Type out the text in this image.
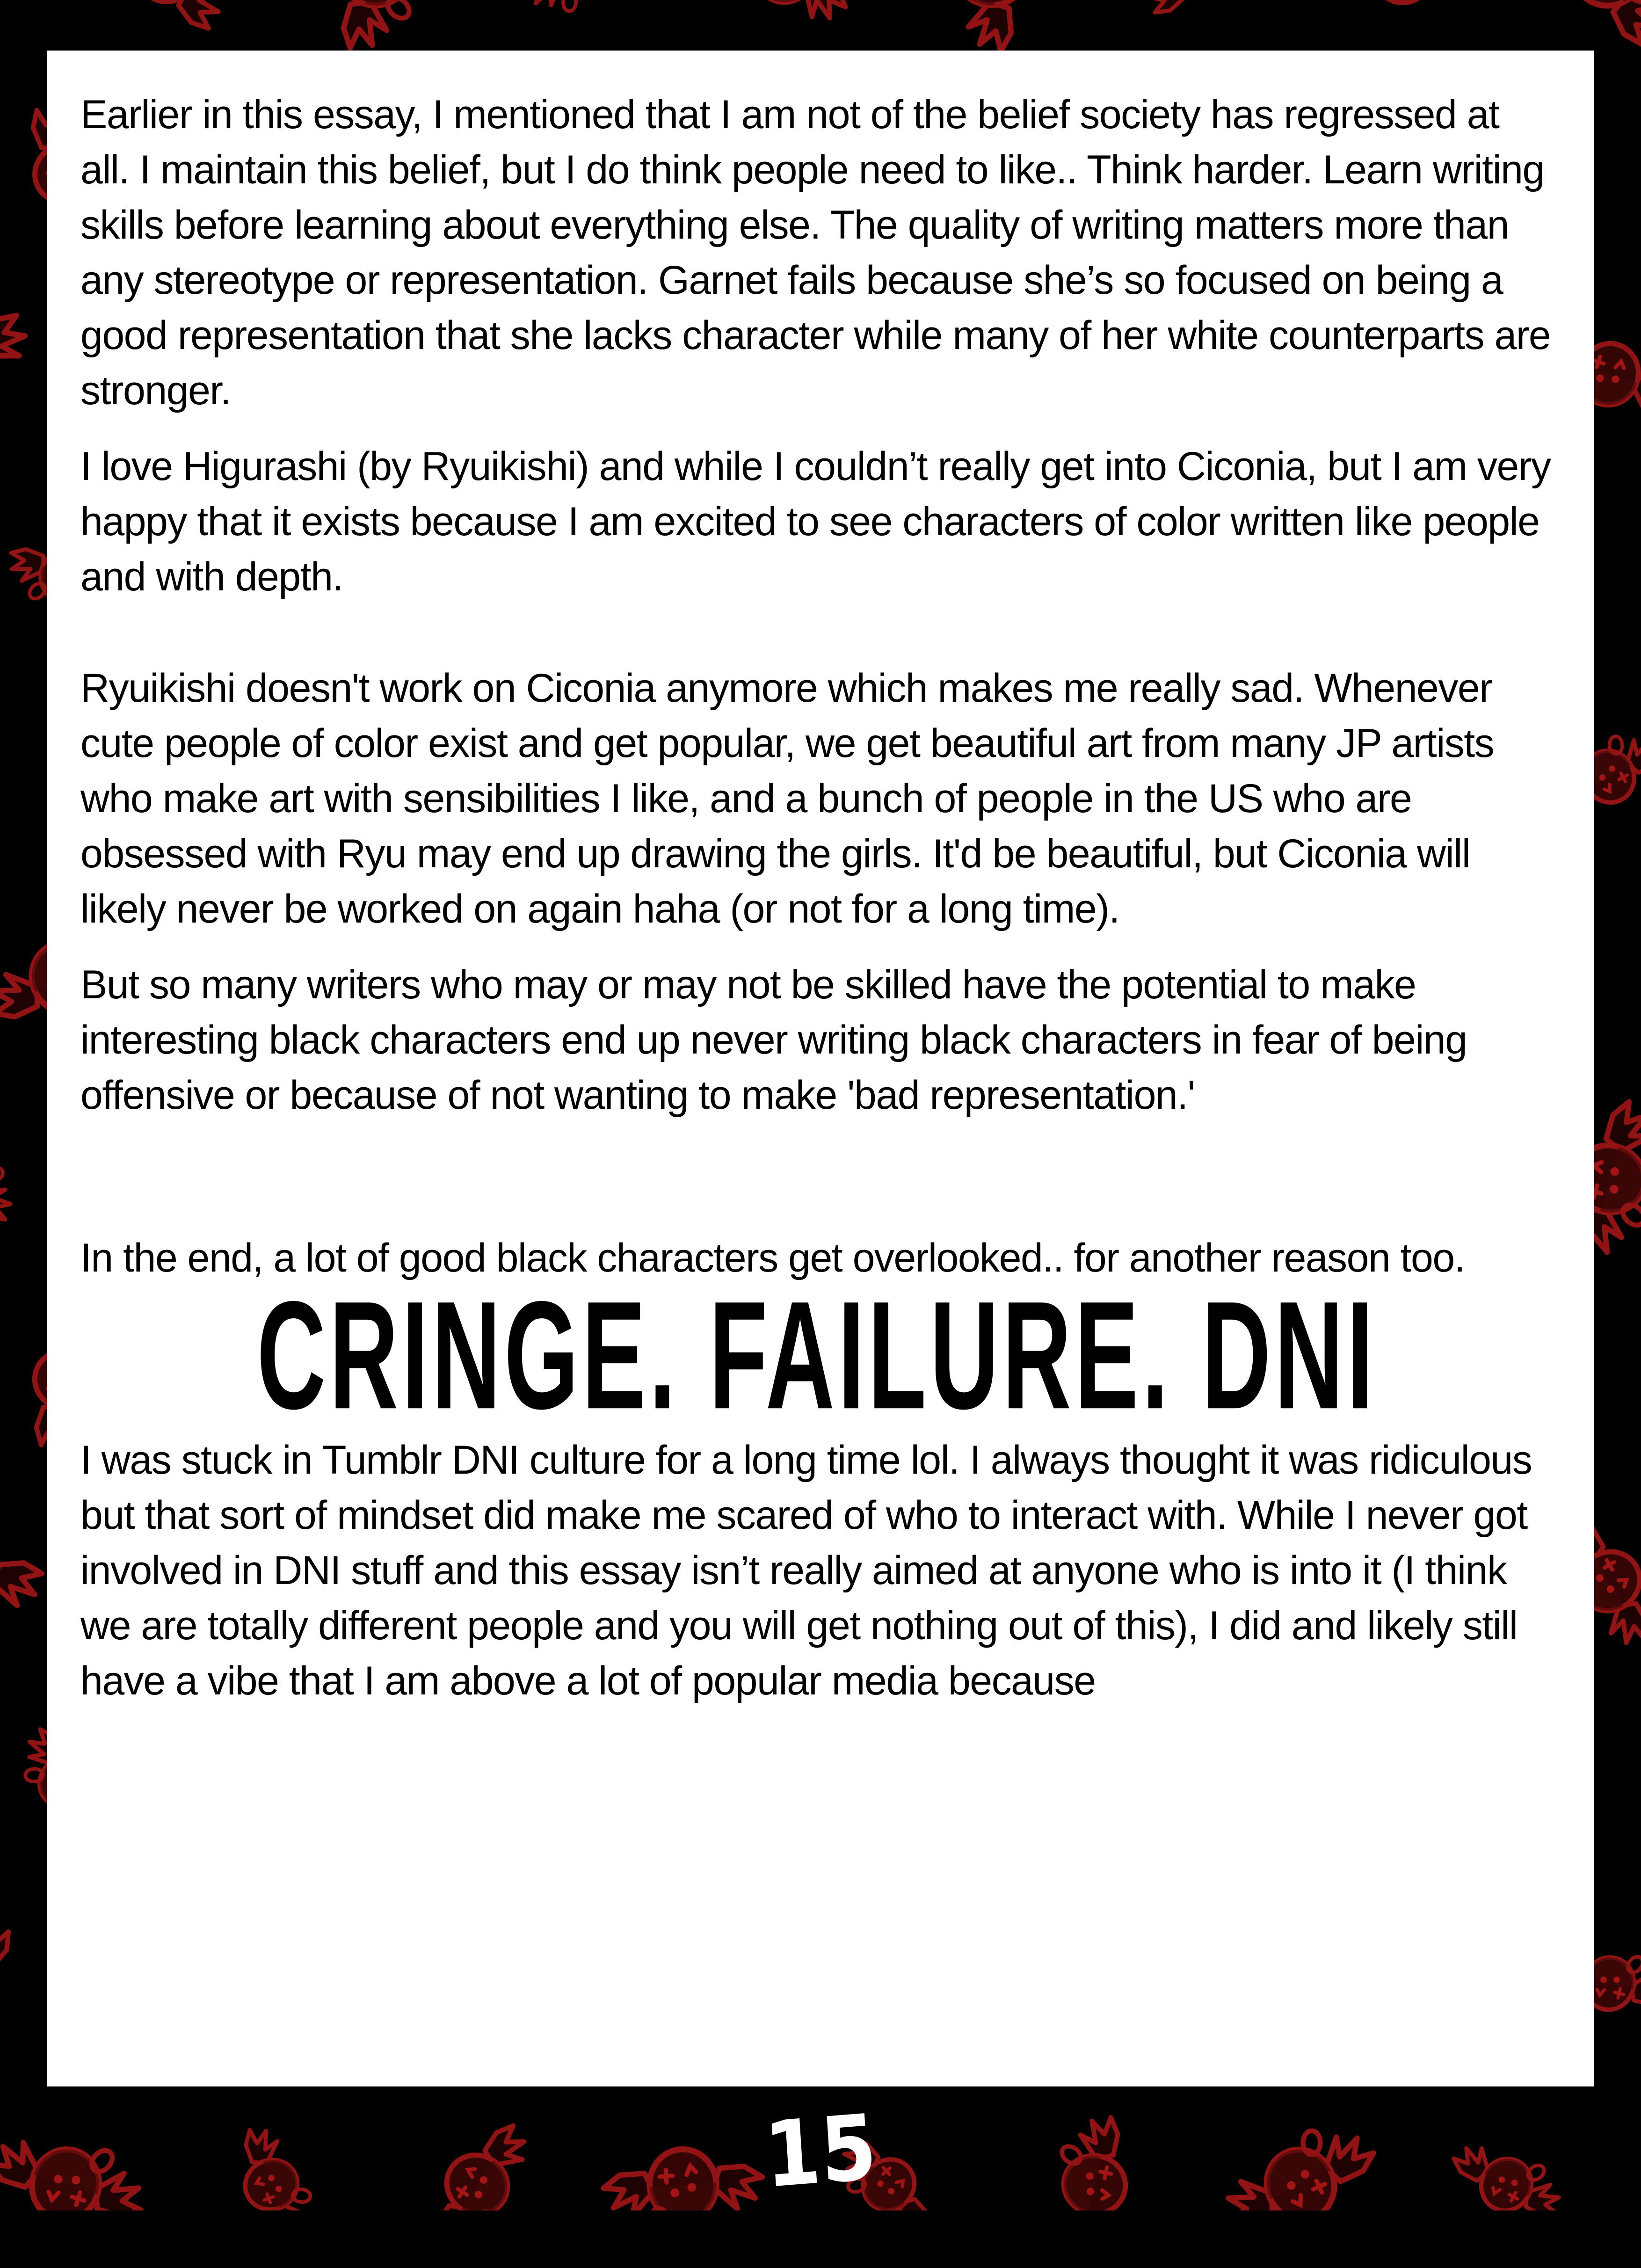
Earlier in this essay, I mentioned that I am not of the belief society has regressed at all. I maintain this belief, but I do think people need to like.. Think harder. Learn writing skills before learning about everything else. The quality of writing matters more than any stereotype or representation. Garnet fails because she’s so focused on being a good representation that she lacks character while many of her white counterparts are stronger.

I love Higurashi (by Ryuikishi) and while I couldn’t really get into Ciconia, but I am very happy that it exists because I am excited to see characters of color written like people and with depth.

Ryuikishi doesn't work on Ciconia anymore which makes me really sad. Whenever cute people of color exist and get popular, we get beautiful art from many JP artists who make art with sensibilities I like, and a bunch of people in the US who are obsessed with Ryu may end up drawing the girls. It'd be beautiful, but Ciconia will likely never be worked on again haha (or not for a long time).

But so many writers who may or may not be skilled have the potential to make interesting black characters end up never writing black characters in fear of being offensive or because of not wanting to make 'bad representation.'

In the end, a lot of good black characters get overlooked.. for another reason too.

CRINGE. FAILURE. DNI

I was stuck in Tumblr DNI culture for a long time lol. I always thought it was ridiculous but that sort of mindset did make me scared of who to interact with. While I never got involved in DNI stuff and this essay isn’t really aimed at anyone who is into it (I think we are totally different people and you will get nothing out of this), I did and likely still have a vibe that I am above a lot of popular media because

15
